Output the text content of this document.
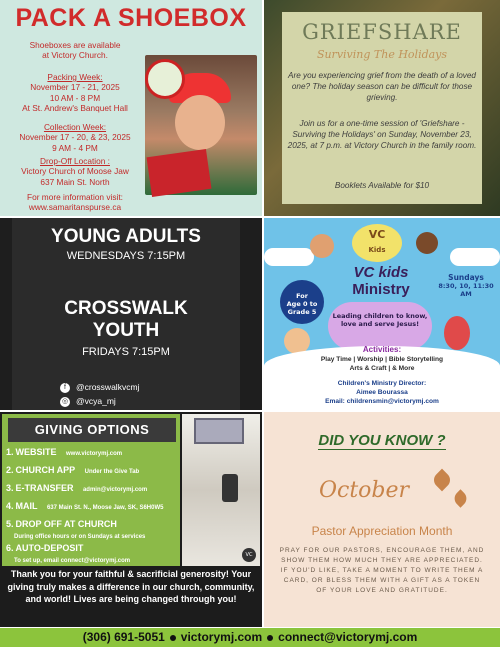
PACK A SHOEBOX
Shoeboxes are available
at Victory Church.
Packing Week:
November 17 - 21, 2025
10 AM - 8 PM
At St. Andrew's Banquet Hall
Collection Week:
November 17 - 20, & 23, 2025
9 AM - 4 PM
Drop-Off Location :
Victory Church of Moose Jaw
637 Main St. North
For more information visit:
www.samaritanspurse.ca
GRIEFSHARE
Surviving The Holidays
Are you experiencing grief from the death of a loved one? The holiday season can be difficult for those grieving.
Join us for a one-time session of 'Griefshare - Surviving the Holidays' on Sunday, November 23, 2025, at 7 p.m. at Victory Church in the family room.
Booklets Available for $10
YOUNG ADULTS
WEDNESDAYS 7:15PM
CROSSWALK
YOUTH
FRIDAYS 7:15PM
f @crosswalkvcmj
◎ @vcya_mj
VC
Kids
For
Age 0 to
Grade 5
VC kids
Ministry
Leading children to know, love and serve Jesus!
Sundays
8:30, 10, 11:30 AM
Activities:
Play Time | Worship | Bible Storytelling
Arts & Craft | & More
Children's Ministry Director:
Aimee Bourassa
Email: childrensmin@victorymj.com
GIVING OPTIONS
1. WEBSITE www.victorymj.com
2. CHURCH APP Under the Give Tab
3. E-TRANSFER admin@victorymj.com
4. MAIL 637 Main St. N., Moose Jaw, SK, S6H0W5
5. DROP OFF AT CHURCH
During office hours or on Sundays at services
6. AUTO-DEPOSIT
To set up, email connect@victorymj.com
VC
Thank you for your faithful & sacrificial generosity! Your giving truly makes a difference in our church, community, and world! Lives are being changed through you!
DID YOU KNOW ?
October
Pastor Appreciation Month
PRAY FOR OUR PASTORS, ENCOURAGE THEM, AND SHOW THEM HOW MUCH THEY ARE APPRECIATED. IF YOU'D LIKE, TAKE A MOMENT TO WRITE THEM A CARD, OR BLESS THEM WITH A GIFT AS A TOKEN OF YOUR LOVE AND GRATITUDE.
(306) 691-5051 victorymj.com connect@victorymj.com
